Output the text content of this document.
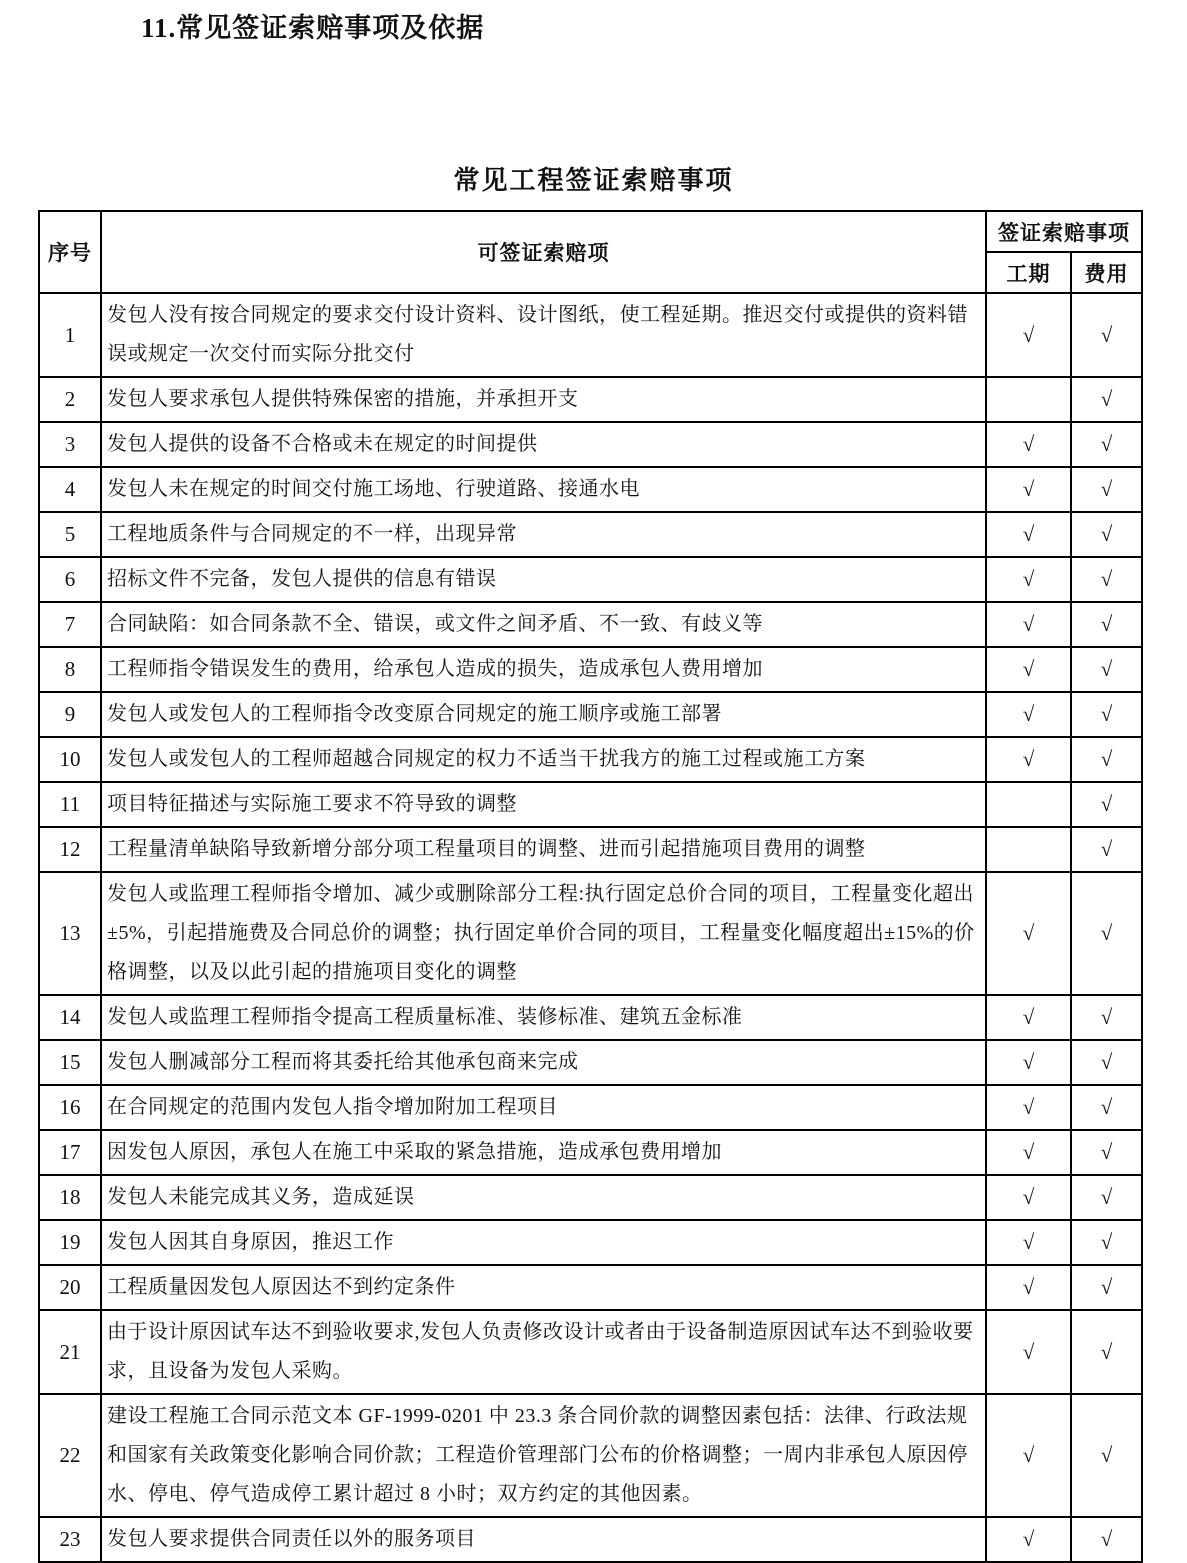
11.常见签证索赔事项及依据
常见工程签证索赔事项
序号	可签证索赔项	签证索赔事项	
		工期	费用
1	发包人没有按合同规定的要求交付设计资料、设计图纸，使工程延期。推迟交付或提供的资料错误或规定一次交付而实际分批交付	√	√
2	发包人要求承包人提供特殊保密的措施，并承担开支		√
3	发包人提供的设备不合格或未在规定的时间提供	√	√
4	发包人未在规定的时间交付施工场地、行驶道路、接通水电	√	√
5	工程地质条件与合同规定的不一样，出现异常	√	√
6	招标文件不完备，发包人提供的信息有错误	√	√
7	合同缺陷：如合同条款不全、错误，或文件之间矛盾、不一致、有歧义等	√	√
8	工程师指令错误发生的费用，给承包人造成的损失，造成承包人费用增加	√	√
9	发包人或发包人的工程师指令改变原合同规定的施工顺序或施工部署	√	√
10	发包人或发包人的工程师超越合同规定的权力不适当干扰我方的施工过程或施工方案	√	√
11	项目特征描述与实际施工要求不符导致的调整		√
12	工程量清单缺陷导致新增分部分项工程量项目的调整、进而引起措施项目费用的调整		√
13	发包人或监理工程师指令增加、减少或删除部分工程:执行固定总价合同的项目，工程量变化超出±5%，引起措施费及合同总价的调整；执行固定单价合同的项目，工程量变化幅度超出±15%的价格调整，以及以此引起的措施项目变化的调整	√	√
14	发包人或监理工程师指令提高工程质量标准、装修标准、建筑五金标准	√	√
15	发包人删减部分工程而将其委托给其他承包商来完成	√	√
16	在合同规定的范围内发包人指令增加附加工程项目	√	√
17	因发包人原因，承包人在施工中采取的紧急措施，造成承包费用增加	√	√
18	发包人未能完成其义务，造成延误	√	√
19	发包人因其自身原因，推迟工作	√	√
20	工程质量因发包人原因达不到约定条件	√	√
21	由于设计原因试车达不到验收要求,发包人负责修改设计或者由于设备制造原因试车达不到验收要求，且设备为发包人采购。	√	√
22	建设工程施工合同示范文本 GF-1999-0201 中 23.3 条合同价款的调整因素包括：法律、行政法规和国家有关政策变化影响合同价款；工程造价管理部门公布的价格调整；一周内非承包人原因停水、停电、停气造成停工累计超过 8 小时；双方约定的其他因素。	√	√
23	发包人要求提供合同责任以外的服务项目	√	√
